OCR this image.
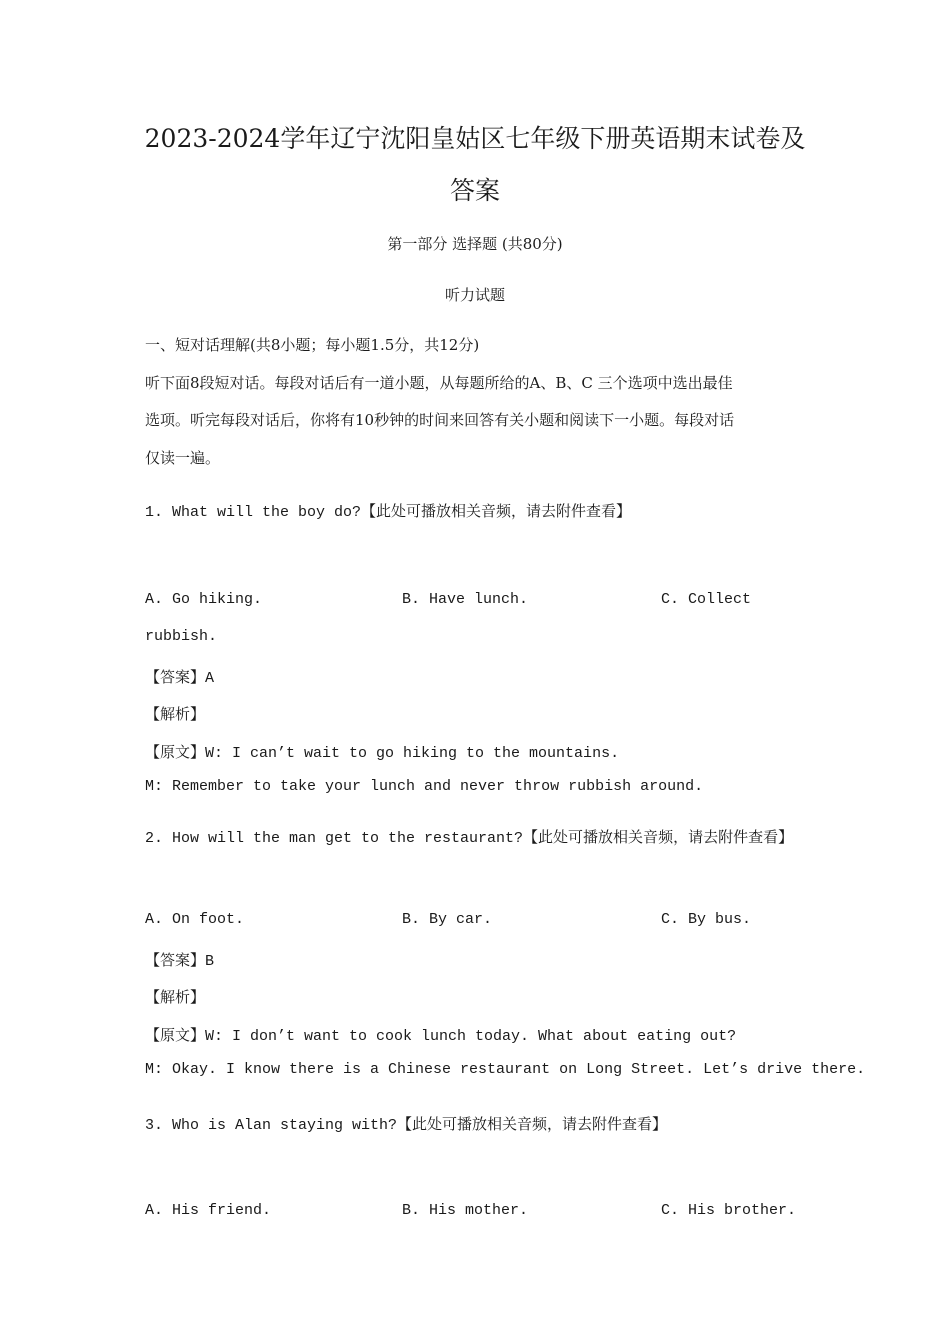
2023-2024学年辽宁沈阳皇姑区七年级下册英语期末试卷及
答案
第一部分 选择题 (共80分)
听力试题
一、短对话理解(共8小题；每小题1.5分，共12分)
听下面8段短对话。每段对话后有一道小题，从每题所给的A、B、C 三个选项中选出最佳
选项。听完每段对话后，你将有10秒钟的时间来回答有关小题和阅读下一小题。每段对话
仅读一遍。
1. What will the boy do?【此处可播放相关音频，请去附件查看】
A. Go hiking.	B. Have lunch.	C. Collect
rubbish.
【答案】A
【解析】
【原文】W: I can’t wait to go hiking to the mountains.
M: Remember to take your lunch and never throw rubbish around.
2. How will the man get to the restaurant?【此处可播放相关音频，请去附件查看】
A. On foot.	B. By car.	C. By bus.
【答案】B
【解析】
【原文】W: I don’t want to cook lunch today. What about eating out?
M: Okay. I know there is a Chinese restaurant on Long Street. Let’s drive there.
3. Who is Alan staying with?【此处可播放相关音频，请去附件查看】
A. His friend.	B. His mother.	C. His brother.
